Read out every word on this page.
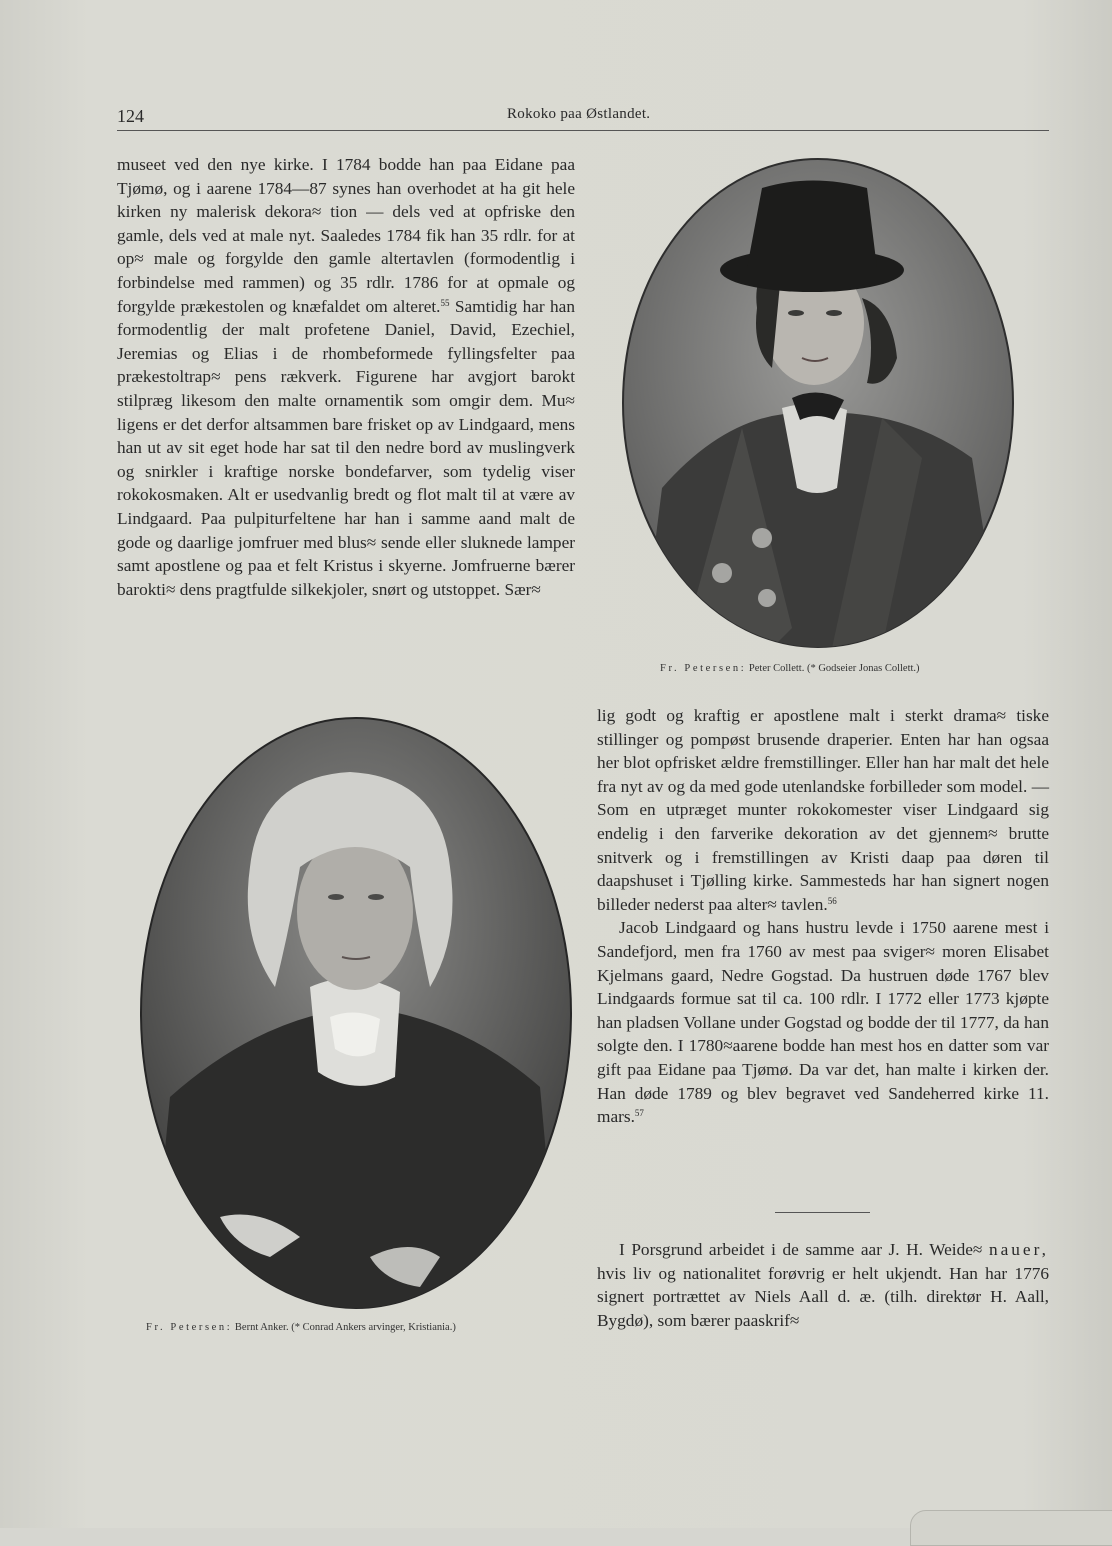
124	Rokoko paa Østlandet.

museet ved den nye kirke. I 1784 bodde han paa Eidane paa Tjømø, og i aarene 1784—87 synes han overhodet at ha git hele kirken ny malerisk dekora≈ tion — dels ved at opfriske den gamle, dels ved at male nyt. Saaledes 1784 fik han 35 rdlr. for at op≈ male og forgylde den gamle altertavlen (formodentlig i forbindelse med rammen) og 35 rdlr. 1786 for at opmale og forgylde prækestolen og knæfaldet om alteret.$^{55}$ Samtidig har han formodentlig der malt profetene Daniel, David, Ezechiel, Jeremias og Elias i de rhombeformede fyllingsfelter paa prækestoltrap≈ pens rækverk. Figurene har avgjort barokt stilpræg likesom den malte ornamentik som omgir dem. Mu≈ ligens er det derfor altsammen bare frisket op av Lindgaard, mens han ut av sit eget hode har sat til den nedre bord av muslingverk og snirkler i kraftige norske bondefarver, som tydelig viser rokokosmaken. Alt er usedvanlig bredt og flot malt til at være av Lindgaard. Paa pulpiturfeltene har han i samme aand malt de gode og daarlige jomfruer med blus≈ sende eller sluknede lamper samt apostlene og paa et felt Kristus i skyerne. Jomfruerne bærer barokti≈ dens pragtfulde silkekjoler, snørt og utstoppet. Sær≈

Fr. Petersen: Peter Collett. (* Godseier Jonas Collett.)
Fr. Petersen: Bernt Anker. (* Conrad Ankers arvinger, Kristiania.)

lig godt og kraftig er apostlene malt i sterkt drama≈ tiske stillinger og pompøst brusende draperier. Enten har han ogsaa her blot opfrisket ældre fremstillinger. Eller han har malt det hele fra nyt av og da med gode utenlandske forbilleder som model. — Som en utpræget munter rokokomester viser Lindgaard sig endelig i den farverike dekoration av det gjennem≈ brutte snitverk og i fremstillingen av Kristi daap paa døren til daapshuset i Tjølling kirke. Sammesteds har han signert nogen billeder nederst paa alter≈ tavlen.$^{56}$

Jacob Lindgaard og hans hustru levde i 1750 aarene mest i Sandefjord, men fra 1760 av mest paa sviger≈ moren Elisabet Kjelmans gaard, Nedre Gogstad. Da hustruen døde 1767 blev Lindgaards formue sat til ca. 100 rdlr. I 1772 eller 1773 kjøpte han pladsen Vollane under Gogstad og bodde der til 1777, da han solgte den. I 1780≈aarene bodde han mest hos en datter som var gift paa Eidane paa Tjømø. Da var det, han malte i kirken der. Han døde 1789 og blev begravet ved Sandeherred kirke 11. mars.$^{57}$

I Porsgrund arbeidet i de samme aar J. H. Weide≈ nauer, hvis liv og nationalitet forøvrig er helt ukjendt. Han har 1776 signert portrættet av Niels Aall d. æ. (tilh. direktør H. Aall, Bygdø), som bærer paaskrif≈
